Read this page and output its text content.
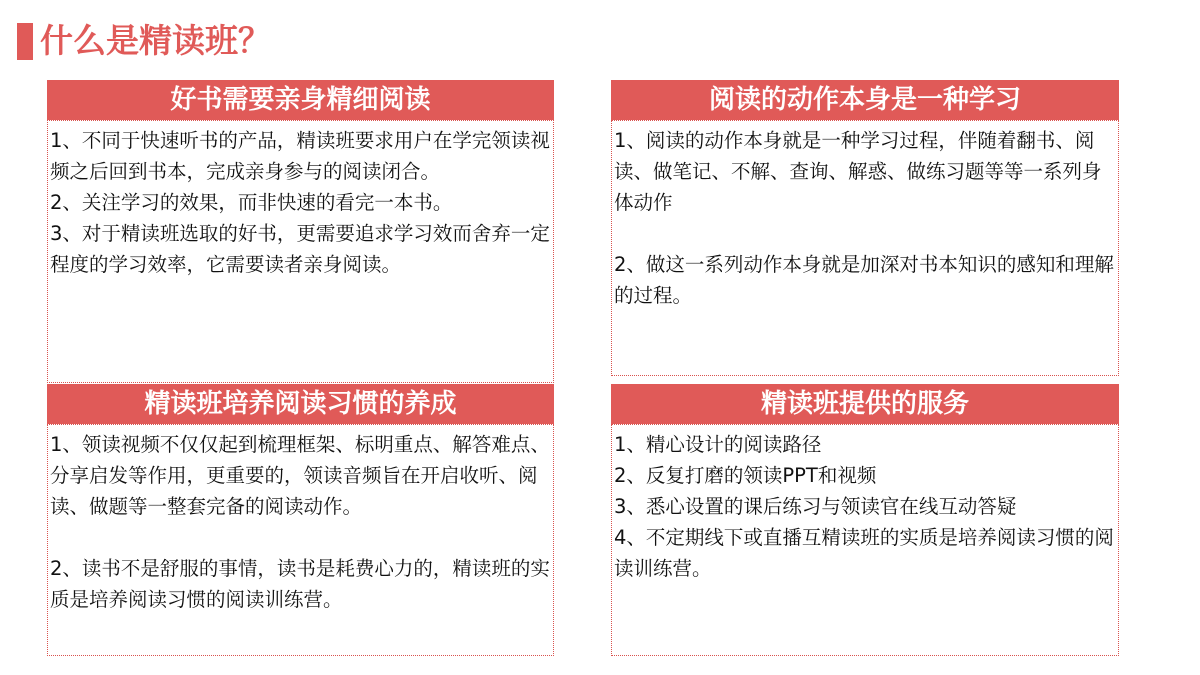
什么是精读班？
好书需要亲身精细阅读

1、不同于快速听书的产品，精读班要求用户在学完领读视频之后回到书本，完成亲身参与的阅读闭合。

2、关注学习的效果，而非快速的看完一本书。

3、对于精读班选取的好书，更需要追求学习效而舍弃一定程度的学习效率，它需要读者亲身阅读。

阅读的动作本身是一种学习

1、阅读的动作本身就是一种学习过程，伴随着翻书、阅读、做笔记、不解、查询、解惑、做练习题等等一系列身体动作

2、做这一系列动作本身就是加深对书本知识的感知和理解的过程。

精读班培养阅读习惯的养成

1、领读视频不仅仅起到梳理框架、标明重点、解答难点、分享启发等作用，更重要的，领读音频旨在开启收听、阅读、做题等一整套完备的阅读动作。

2、读书不是舒服的事情，读书是耗费心力的，精读班的实质是培养阅读习惯的阅读训练营。

精读班提供的服务

1、精心设计的阅读路径

2、反复打磨的领读PPT和视频

3、悉心设置的课后练习与领读官在线互动答疑

4、不定期线下或直播互精读班的实质是培养阅读习惯的阅读训练营。
